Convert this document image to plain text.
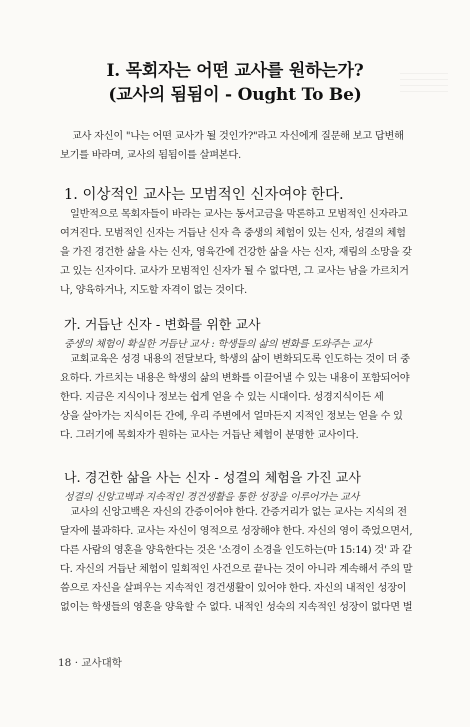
I. 목회자는 어떤 교사를 원하는가?
(교사의 됨됨이 - Ought To Be)
교사 자신이 "나는 어떤 교사가 될 것인가?"라고 자신에게 질문해 보고 답변해
보기를 바라며, 교사의 됨됨이를 살펴본다.
1. 이상적인 교사는 모범적인 신자여야 한다.
일반적으로 목회자들이 바라는 교사는 동서고금을 막론하고 모범적인 신자라고
여겨진다. 모범적인 신자는 거듭난 신자 측 중생의 체험이 있는 신자, 성결의 체험
을 가진 경건한 삶을 사는 신자, 영육간에 건강한 삶을 사는 신자, 재림의 소망을 갖
고 있는 신자이다. 교사가 모범적인 신자가 될 수 없다면, 그 교사는 남을 가르치거
나, 양육하거나, 지도할 자격이 없는 것이다.
가. 거듭난 신자 - 변화를 위한 교사
중생의 체험이 확실한 거듭난 교사 : 학생들의 삶의 변화를 도와주는 교사
교회교육은 성경 내용의 전달보다, 학생의 삶이 변화되도록 인도하는 것이 더 중
요하다. 가르치는 내용은 학생의 삶의 변화를 이끌어낼 수 있는 내용이 포함되어야
한다. 지금은 지식이나 정보는 쉽게 얻을 수 있는 시대이다. 성경지식이든 세
상을 살아가는 지식이든 간에, 우리 주변에서 얼마든지 지적인 정보는 얻을 수 있
다. 그러기에 목회자가 원하는 교사는 거듭난 체험이 분명한 교사이다.
나. 경건한 삶을 사는 신자 - 성결의 체험을 가진 교사
성결의 신앙고백과 지속적인 경건생활을 통한 성장을 이루어가는 교사
교사의 신앙고백은 자신의 간증이어야 한다. 간증거리가 없는 교사는 지식의 전
달자에 불과하다. 교사는 자신이 영적으로 성장해야 한다. 자신의 영이 죽었으면서,
다른 사람의 영혼을 양육한다는 것은 '소경이 소경을 인도하는(마 15:14) 것' 과 같
다. 자신의 거듭난 체험이 일회적인 사건으로 끝나는 것이 아니라 계속해서 주의 말
씀으로 자신을 살펴우는 지속적인 경건생활이 있어야 한다. 자신의 내적인 성장이
없이는 학생들의 영혼을 양육할 수 없다. 내적인 성숙의 지속적인 성장이 없다면 벌
18 · 교사대학
